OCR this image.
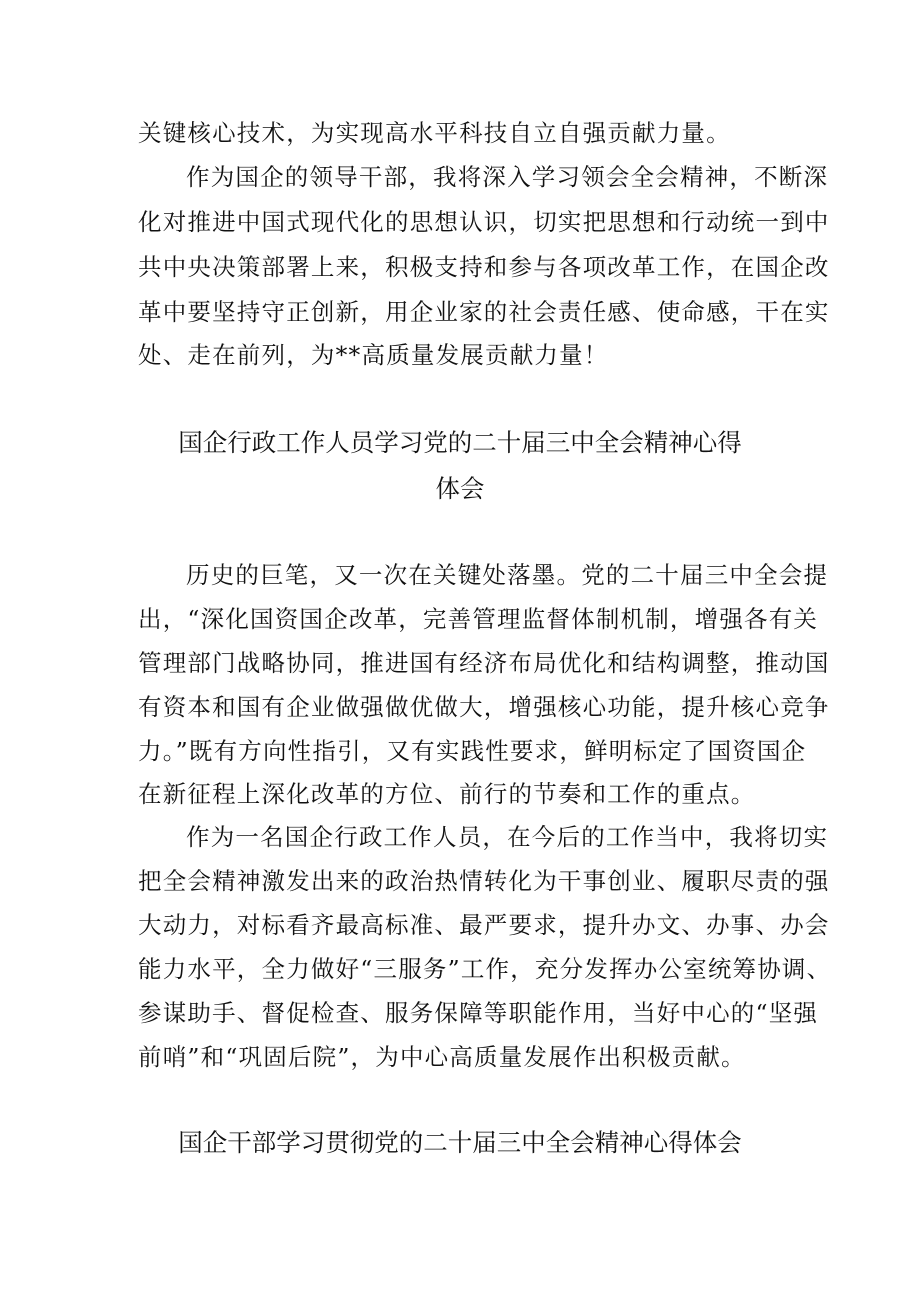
关键核心技术，为实现高水平科技自立自强贡献力量。
作为国企的领导干部，我将深入学习领会全会精神，不断深
化对推进中国式现代化的思想认识，切实把思想和行动统一到中
共中央决策部署上来，积极支持和参与各项改革工作，在国企改
革中要坚持守正创新，用企业家的社会责任感、使命感，干在实
处、走在前列，为**高质量发展贡献力量！
国企行政工作人员学习党的二十届三中全会精神心得
体会
历史的巨笔，又一次在关键处落墨。党的二十届三中全会提
出，“深化国资国企改革，完善管理监督体制机制，增强各有关
管理部门战略协同，推进国有经济布局优化和结构调整，推动国
有资本和国有企业做强做优做大，增强核心功能，提升核心竞争
力。”既有方向性指引，又有实践性要求，鲜明标定了国资国企
在新征程上深化改革的方位、前行的节奏和工作的重点。
作为一名国企行政工作人员，在今后的工作当中，我将切实
把全会精神激发出来的政治热情转化为干事创业、履职尽责的强
大动力，对标看齐最高标准、最严要求，提升办文、办事、办会
能力水平，全力做好“三服务”工作，充分发挥办公室统筹协调、
参谋助手、督促检查、服务保障等职能作用，当好中心的“坚强
前哨”和“巩固后院”，为中心高质量发展作出积极贡献。
国企干部学习贯彻党的二十届三中全会精神心得体会
